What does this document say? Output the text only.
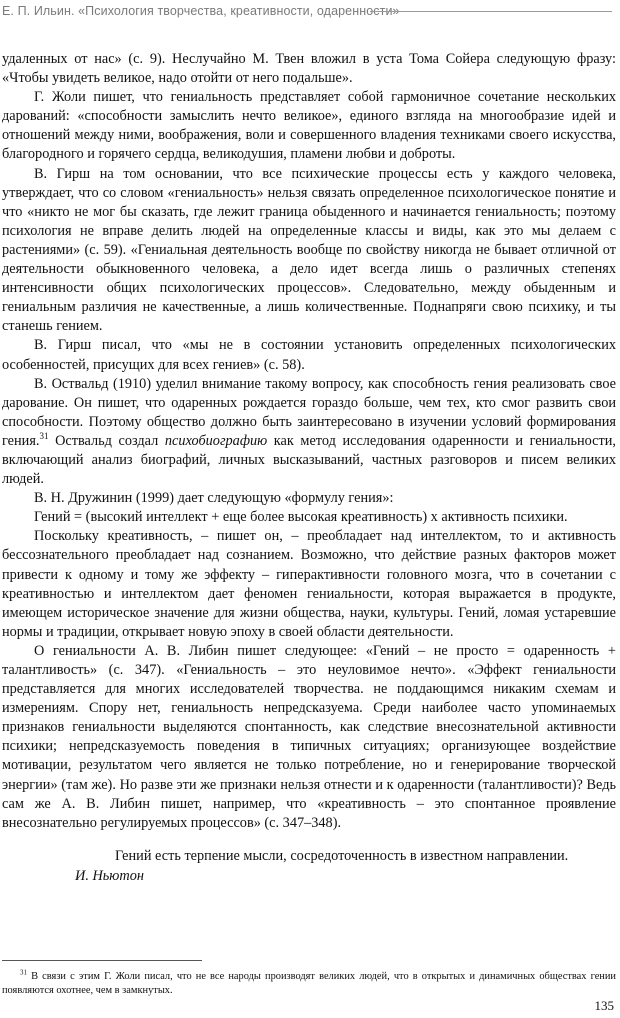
Е. П. Ильин. «Психология творчества, креативности, одаренности»

удаленных от нас» (с. 9). Неслучайно М. Твен вложил в уста Тома Сойера следующую фразу: «Чтобы увидеть великое, надо отойти от него подальше».

Г. Жоли пишет, что гениальность представляет собой гармоничное сочетание нескольких дарований: «способности замыслить нечто великое», единого взгляда на многообразие идей и отношений между ними, воображения, воли и совершенного владения техниками своего искусства, благородного и горячего сердца, великодушия, пламени любви и доброты.

В. Гирш на том основании, что все психические процессы есть у каждого человека, утверждает, что со словом «гениальность» нельзя связать определенное психологическое понятие и что «никто не мог бы сказать, где лежит граница обыденного и начинается гениальность; поэтому психология не вправе делить людей на определенные классы и виды, как это мы делаем с растениями» (с. 59). «Гениальная деятельность вообще по свойству никогда не бывает отличной от деятельности обыкновенного человека, а дело идет всегда лишь о различных степенях интенсивности общих психологических процессов». Следовательно, между обыденным и гениальным различия не качественные, а лишь количественные. Поднапряги свою психику, и ты станешь гением.

В. Гирш писал, что «мы не в состоянии установить определенных психологических особенностей, присущих для всех гениев» (с. 58).

В. Оствальд (1910) уделил внимание такому вопросу, как способность гения реализовать свое дарование. Он пишет, что одаренных рождается гораздо больше, чем тех, кто смог развить свои способности. Поэтому общество должно быть заинтересовано в изучении условий формирования гения.$^{31}$ Оствальд создал психобиографию как метод исследования одаренности и гениальности, включающий анализ биографий, личных высказываний, частных разговоров и писем великих людей.

В. Н. Дружинин (1999) дает следующую «формулу гения»:

Гений = (высокий интеллект + еще более высокая креативность) х активность психики.

Поскольку креативность, – пишет он, – преобладает над интеллектом, то и активность бессознательного преобладает над сознанием. Возможно, что действие разных факторов может привести к одному и тому же эффекту – гиперактивности головного мозга, что в сочетании с креативностью и интеллектом дает феномен гениальности, которая выражается в продукте, имеющем историческое значение для жизни общества, науки, культуры. Гений, ломая устаревшие нормы и традиции, открывает новую эпоху в своей области деятельности.

О гениальности А. В. Либин пишет следующее: «Гений – не просто = одаренность + талантливость» (с. 347). «Гениальность – это неуловимое нечто». «Эффект гениальности представляется для многих исследователей творчества. не поддающимся никаким схемам и измерениям. Спору нет, гениальность непредсказуема. Среди наиболее часто упоминаемых признаков гениальности выделяются спонтанность, как следствие внесознательной активности психики; непредсказуемость поведения в типичных ситуациях; организующее воздействие мотивации, результатом чего является не только потребление, но и генерирование творческой энергии» (там же). Но разве эти же признаки нельзя отнести и к одаренности (талантливости)? Ведь сам же А. В. Либин пишет, например, что «креативность – это спонтанное проявление внесознательно регулируемых процессов» (с. 347–348).

Гений есть терпение мысли, сосредоточенность в известном направлении.

И. Ньютон

$^{31}$ В связи с этим Г. Жоли писал, что не все народы производят великих людей, что в открытых и динамичных обществах гении появляются охотнее, чем в замкнутых.

135
